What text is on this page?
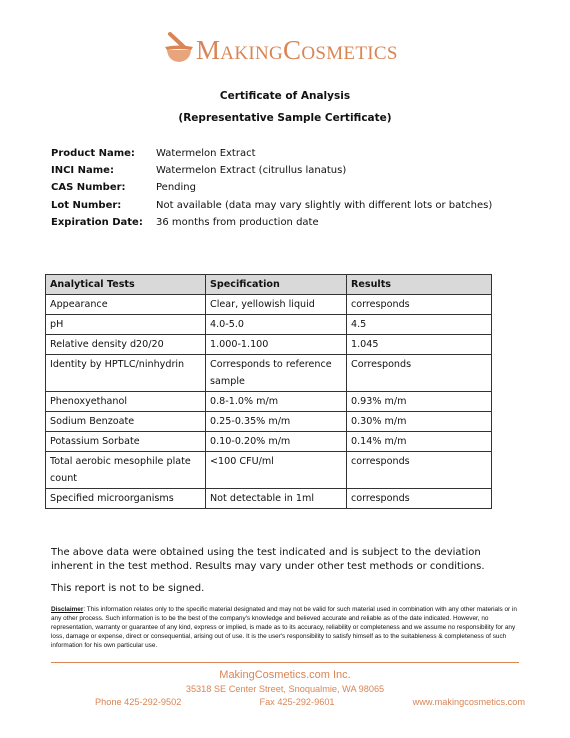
MakingCosmetics
Certificate of Analysis
(Representative Sample Certificate)
Product Name:	Watermelon Extract
INCI Name:	Watermelon Extract (citrullus lanatus)
CAS Number:	Pending
Lot Number:	Not available (data may vary slightly with different lots or batches)
Expiration Date:	36 months from production date
Analytical Tests	Specification	Results
Appearance	Clear, yellowish liquid	corresponds
pH	4.0-5.0	4.5
Relative density d20/20	1.000-1.100	1.045
Identity by HPTLC/ninhydrin	Corresponds to reference sample	Corresponds
Phenoxyethanol	0.8-1.0% m/m	0.93% m/m
Sodium Benzoate	0.25-0.35% m/m	0.30% m/m
Potassium Sorbate	0.10-0.20% m/m	0.14% m/m
Total aerobic mesophile plate count	<100 CFU/ml	corresponds
Specified microorganisms	Not detectable in 1ml	corresponds

The above data were obtained using the test indicated and is subject to the deviation inherent in the test method. Results may vary under other test methods or conditions.

This report is not to be signed.

Disclaimer: This information relates only to the specific material designated and may not be valid for such material used in combination with any other materials or in any other process. Such information is to be the best of the company's knowledge and believed accurate and reliable as of the date indicated. However, no representation, warranty or guarantee of any kind, express or implied, is made as to its accuracy, reliability or completeness and we assume no responsibility for any loss, damage or expense, direct or consequential, arising out of use. It is the user's responsibility to satisfy himself as to the suitableness & completeness of such information for his own particular use.

MakingCosmetics.com Inc.
35318 SE Center Street, Snoqualmie, WA 98065
Phone 425-292-9502	Fax 425-292-9601	www.makingcosmetics.com
